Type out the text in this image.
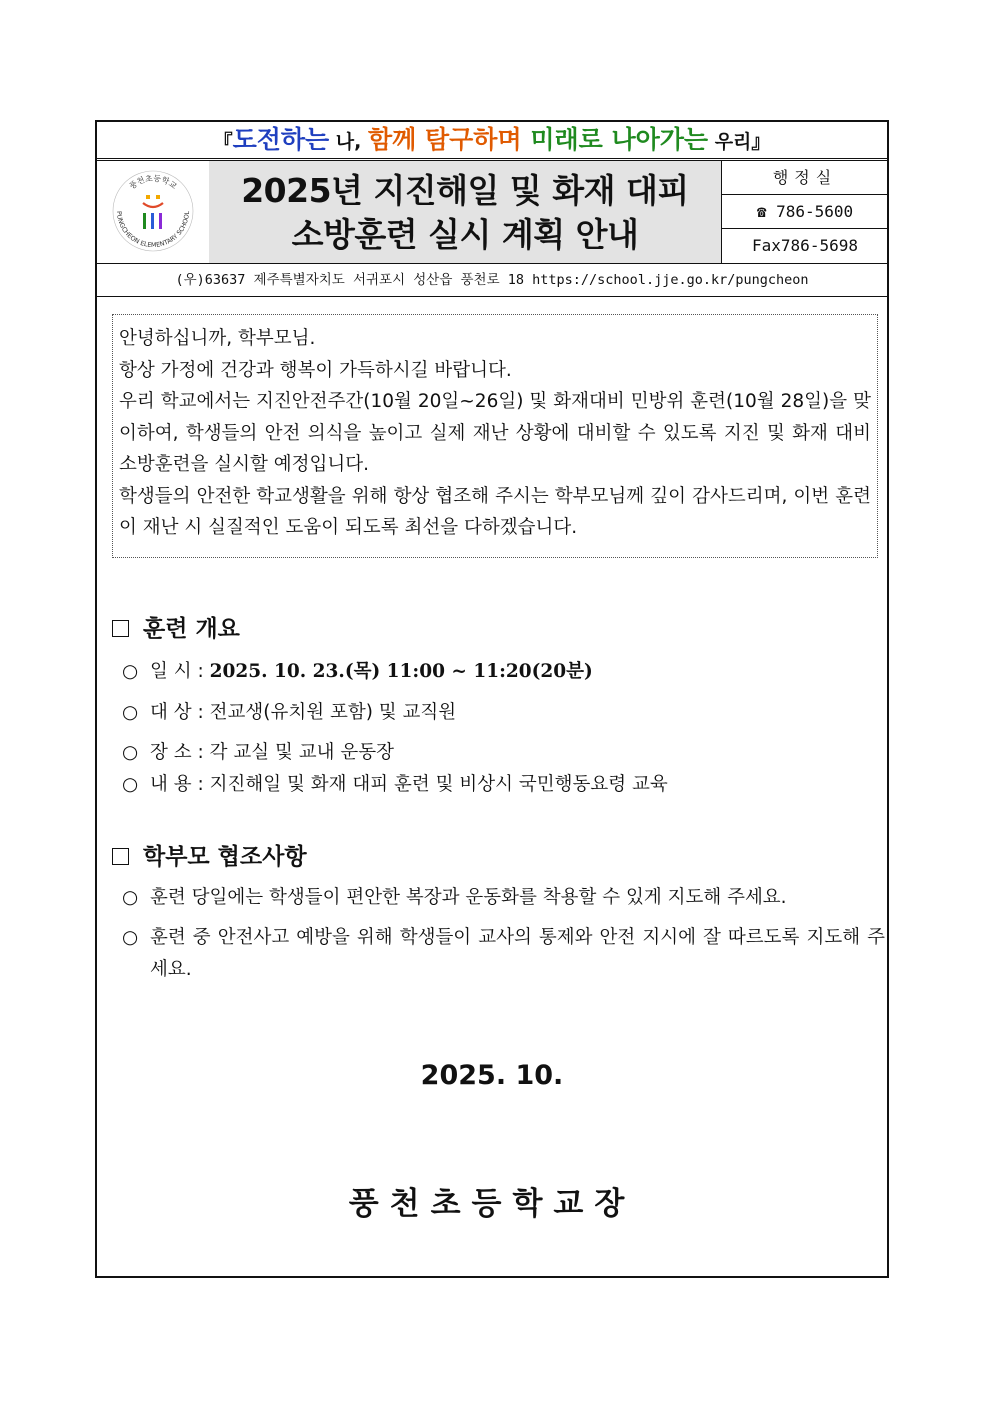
『도전하는 나, 함께 탐구하며 미래로 나아가는 우리』
풍천초등학교
PUNGCHEON ELEMENTARY SCHOOL
2025년 지진해일 및 화재 대피
소방훈련 실시 계획 안내
행정실
☎ 786-5600
Fax786-5698
(우)63637 제주특별자치도 서귀포시 성산읍 풍천로 18 https://school.jje.go.kr/pungcheon

안녕하십니까, 학부모님.

항상 가정에 건강과 행복이 가득하시길 바랍니다.

우리 학교에서는 지진안전주간(10월 20일~26일) 및 화재대비 민방위 훈련(10월 28일)을 맞이하여, 학생들의 안전 의식을 높이고 실제 재난 상황에 대비할 수 있도록 지진 및 화재 대비 소방훈련을 실시할 예정입니다.

학생들의 안전한 학교생활을 위해 항상 협조해 주시는 학부모님께 깊이 감사드리며, 이번 훈련이 재난 시 실질적인 도움이 되도록 최선을 다하겠습니다.

훈련 개요
○ 일 시 : 2025. 10. 23.(목) 11:00 ~ 11:20(20분)
○ 대 상 : 전교생(유치원 포함) 및 교직원
○ 장 소 : 각 교실 및 교내 운동장
○ 내 용 : 지진해일 및 화재 대피 훈련 및 비상시 국민행동요령 교육
학부모 협조사항
○ 훈련 당일에는 학생들이 편안한 복장과 운동화를 착용할 수 있게 지도해 주세요.
○ 훈련 중 안전사고 예방을 위해 학생들이 교사의 통제와 안전 지시에 잘 따르도록 지도해 주세요.
2025. 10.
풍천초등학교장
